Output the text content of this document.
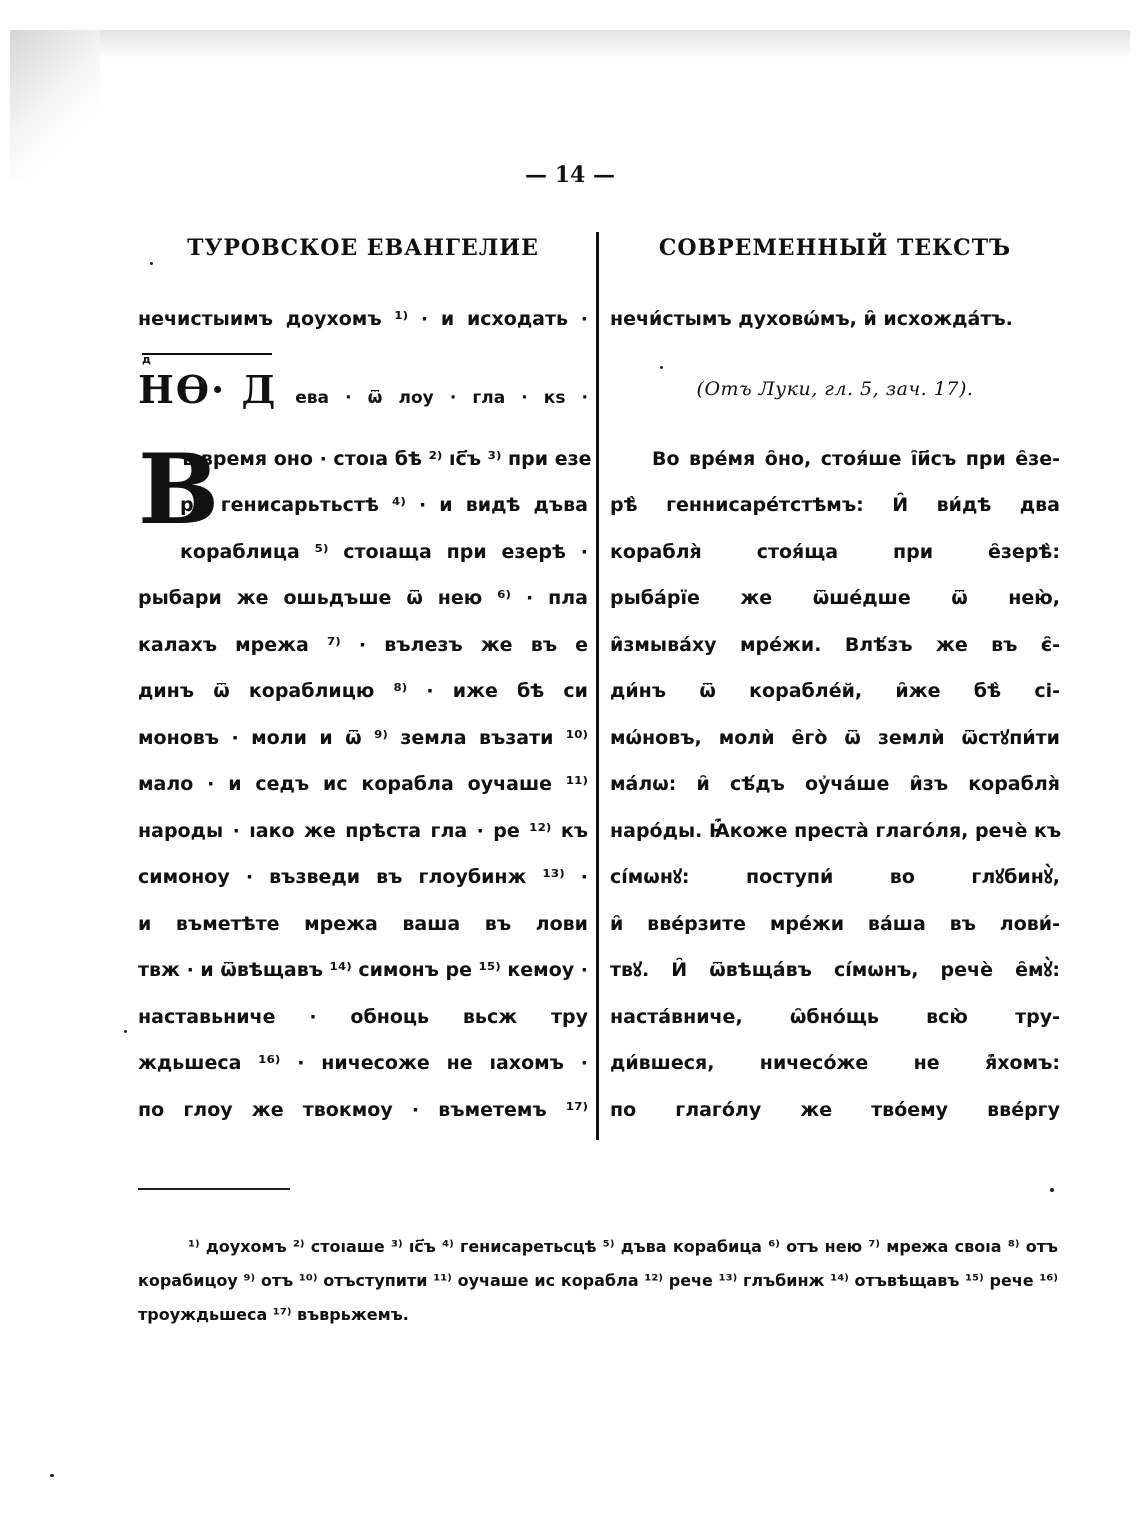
— 14 —
ТУРОВСКОЕ ЕВАНГЕЛИЕ
нечистыимъ доухомъ ¹⁾ · и исходать ·
д
НѲ· Д ева · ѿ лоу · гла · кѕ ·
В
ъ время оно · стоıа бѣ ²⁾ ıс҃ъ ³⁾ при езе
рѣ генисарьтьстѣ ⁴⁾ · и видѣ дъва
кораблица ⁵⁾ стоıаща при езерѣ ·
рыбари же ошьдъше ѿ нею ⁶⁾ · пла
калахъ мрежа ⁷⁾ · вълезъ же въ е
динъ ѿ кораблицю ⁸⁾ · иже бѣ си
моновъ · моли и ѿ ⁹⁾ земла възати ¹⁰⁾
мало · и седъ ис корабла оучаше ¹¹⁾
народы · ıако же прѣста гла · ре ¹²⁾ къ
симоноу · възведи въ глоубинж ¹³⁾ ·
и въметѣте мрежа ваша въ лови
твж · и ѿвѣщавъ ¹⁴⁾ симонъ ре ¹⁵⁾ кемоу ·
наставьниче · обноць вьсж тру
ждьшеса ¹⁶⁾ · ничесоже не ıахомъ ·
по глоу же твокмоу · въметемъ ¹⁷⁾
СОВРЕМЕННЫЙ ТЕКСТЪ
нечи́стымъ духовѡ́мъ, и̑ исхожда́тъ.
(Отъ Луки, гл. 5, зач. 17).
Во вре́мя о̑но, стоя́ше і̑и҃съ при е̑зе-
рѣ̀ геннисаре́тстѣмъ: И̑ ви́дѣ два
корабля̀ стоя́ща при е̑зерѣ̀:
рыба́рїе же ѿше́дше ѿ нею̀,
и̑змыва́ху мре́жи. Влѣ́зъ же въ є̑-
ди́нъ ѿ корабле́й, и̑же бѣ̀ сі-
мѡ́новъ, молѝ е̑го̀ ѿ землѝ ѿстꙋпи́ти
ма́лѡ: и̑ сѣ́дъ оу҆ча́ше и̑зъ корабля̀
наро́ды. Ꙗ̑́коже преста̀ глаго́ля, речѐ къ
сі́мѡнꙋ: поступи́ во глꙋбинꙋ̀,
и̑ вве́рзите мре́жи ва́ша въ лови́-
твꙋ. И̑ ѿвѣща́въ сі́мѡнъ, речѐ е̑мꙋ̀:
наста́вниче, ѡ̑бно́щь всю̀ тру-
ди́вшеся, ничесо́же не я̑́хомъ:
по глаго́лу же тво́ему вве́ргу
¹⁾ доухомъ ²⁾ стоıаше ³⁾ ıс҃ъ ⁴⁾ генисаретьсцѣ ⁵⁾ дъва корабица ⁶⁾ отъ нею ⁷⁾ мрежа своıа ⁸⁾ отъ корабицоу ⁹⁾ отъ ¹⁰⁾ отъступити ¹¹⁾ оучаше ис корабла ¹²⁾ рече ¹³⁾ глъбинж ¹⁴⁾ отъвѣщавъ ¹⁵⁾ рече ¹⁶⁾ троуждьшеса ¹⁷⁾ въврьжемъ.
